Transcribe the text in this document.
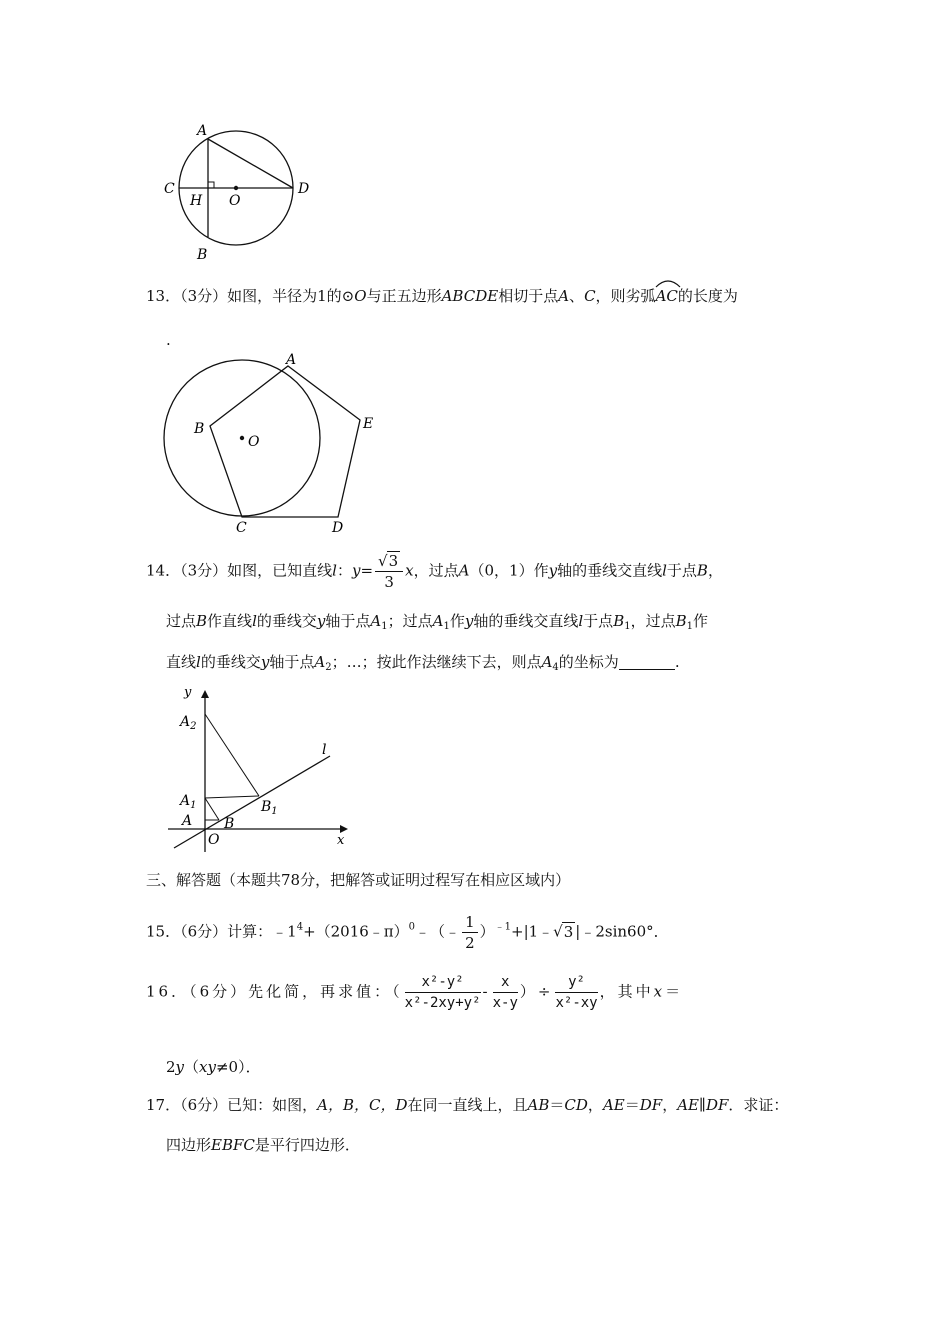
A
C
H O
D
B
13．（3分）如图，半径为1的⊙O与正五边形ABCDE相切于点A、C，则劣弧
AC的长度为
.
A
B
O
E
C	D
14．（3分）如图，已知直线l：$y= \frac{√3}{3}$ x，过点A（0，1）作y轴的垂线交直线l于点B，
过点B作直线l的垂线交y轴于点$A_1$；过点$A_1$作y轴的垂线交直线l于点$B_1$，过点$B_1$作
直线l的垂线交y轴于点$A_2$；…；按此作法继续下去，则点$A_4$的坐标为	.
y
$A_2$
l
$A_1$	$B_1$
A B
O	x
三、解答题（本题共78分，把解答或证明过程写在相应区域内）
15．（6分）计算：$﹣1^4+(2016﹣\pi)^0﹣(﹣ \frac{1}{2}$ ）$^{﹣1}$+|1﹣√3 |﹣2sin60°．
16．（6分）先化简，再求值：（ $\frac{\text{x²-y²}}{\text{x²-2xy+y²}} - \frac{x}{x-y}$ ）÷ $\frac{\text{y²}}{\text{x²-xy}}$ ，其中x＝
2y（xy≠0）．
17．（6分）已知：如图，A，B，C，D在同一直线上，且AB＝CD，AE＝DF，AE∥DF．求证：
四边形EBFC是平行四边形．
